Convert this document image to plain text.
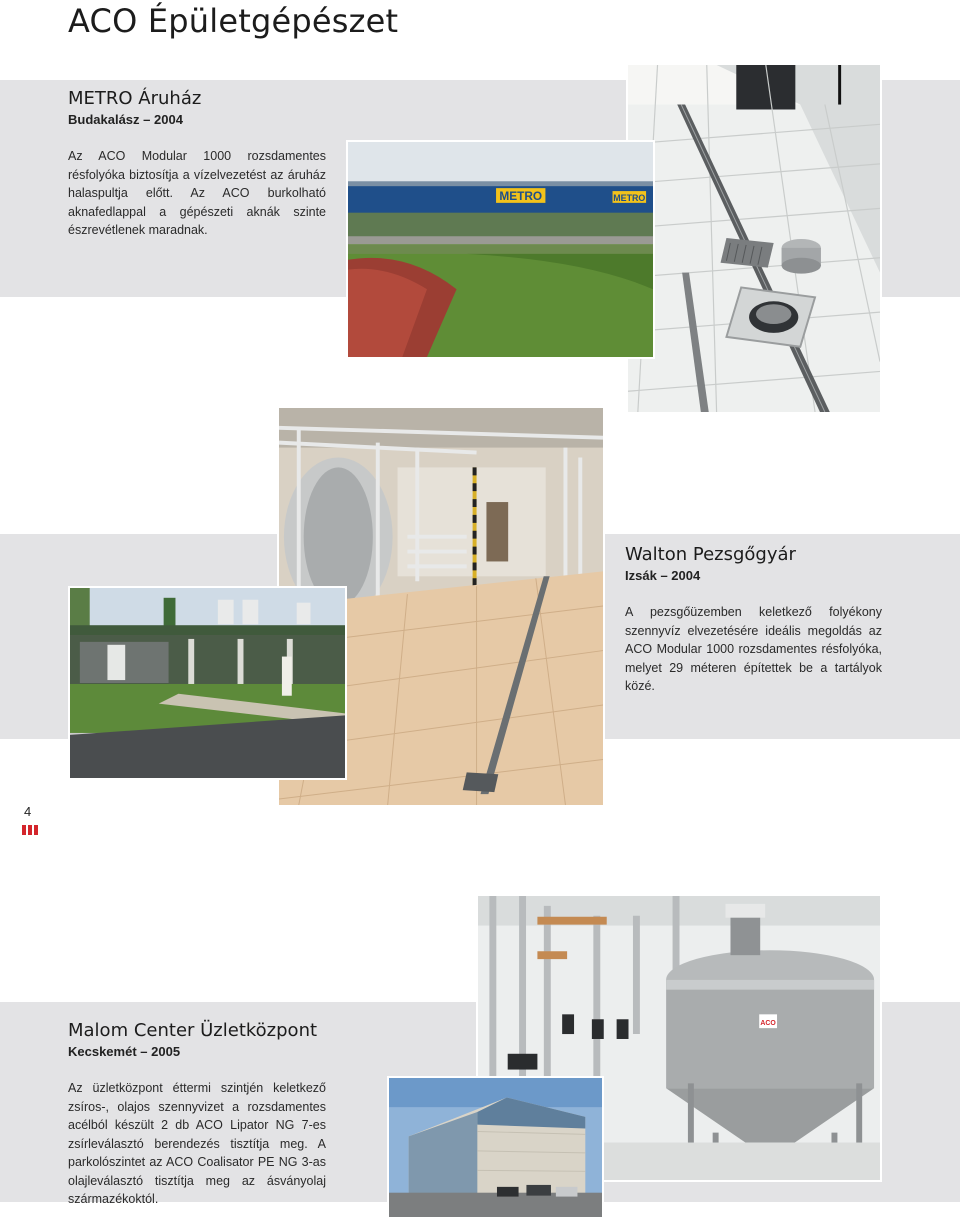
ACO Épületgépészet
METRO Áruház
Budakalász – 2004

Az ACO Modular 1000 rozsdamentes résfolyóka biztosítja a vízelvezetést az áruház halaspultja előtt. Az ACO burkolható aknafedlappal a gépészeti aknák szinte észrevétlenek maradnak.

METRO	METRO
Walton Pezsgőgyár
Izsák – 2004

A pezsgőüzemben keletkező folyékony szennyvíz elvezetésére ideális megoldás az ACO Modular 1000 rozsdamentes résfolyóka, melyet 29 méteren építettek be a tartályok közé.

4
ACO
Malom Center Üzletközpont
Kecskemét – 2005

Az üzletközpont éttermi szintjén keletkező zsíros-, olajos szennyvizet a rozsdamentes acélból készült 2 db ACO Lipator NG 7-es zsírleválasztó berendezés tisztítja meg. A parkolószintet az ACO Coalisator PE NG 3-as olajleválasztó tisztítja meg az ásványolaj származékoktól.
